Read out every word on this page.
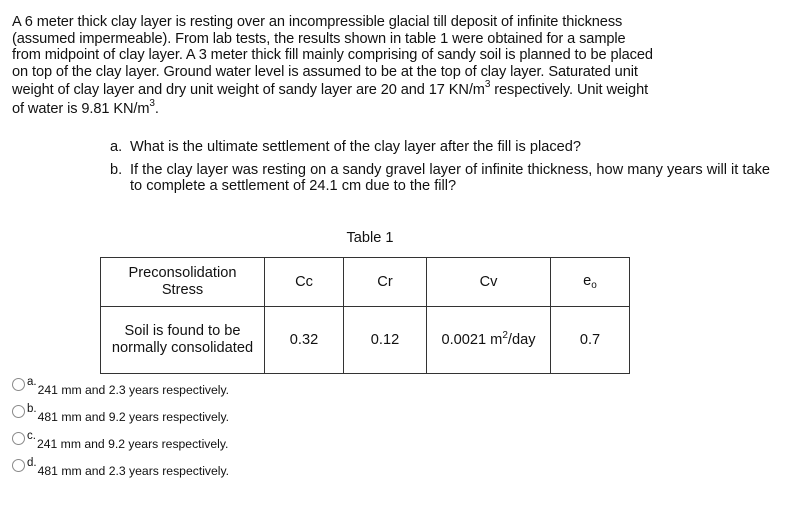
A 6 meter thick clay layer is resting over an incompressible glacial till deposit of infinite thickness
(assumed impermeable). From lab tests, the results shown in table 1 were obtained for a sample
from midpoint of clay layer. A 3 meter thick fill mainly comprising of sandy soil is planned to be placed
on top of the clay layer. Ground water level is assumed to be at the top of clay layer. Saturated unit
weight of clay layer and dry unit weight of sandy layer are 20 and 17 $KN/m^3$ respectively. Unit weight
of water is 9.81 $KN/m^3$.
a. What is the ultimate settlement of the clay layer after the fill is placed?
b. If the clay layer was resting on a sandy gravel layer of infinite thickness, how many years will it take to complete a settlement of 24.1 cm due to the fill?
Table 1
Preconsolidation
Stress	Cc	Cr	Cv	$e_o$

Soil is found to be
normally consolidated	0.32	0.12	0.0021 $m^2$/day	0.7
a.
241 mm and 2.3 years respectively.
b.
481 mm and 9.2 years respectively.
c.
241 mm and 9.2 years respectively.
d.
481 mm and 2.3 years respectively.
